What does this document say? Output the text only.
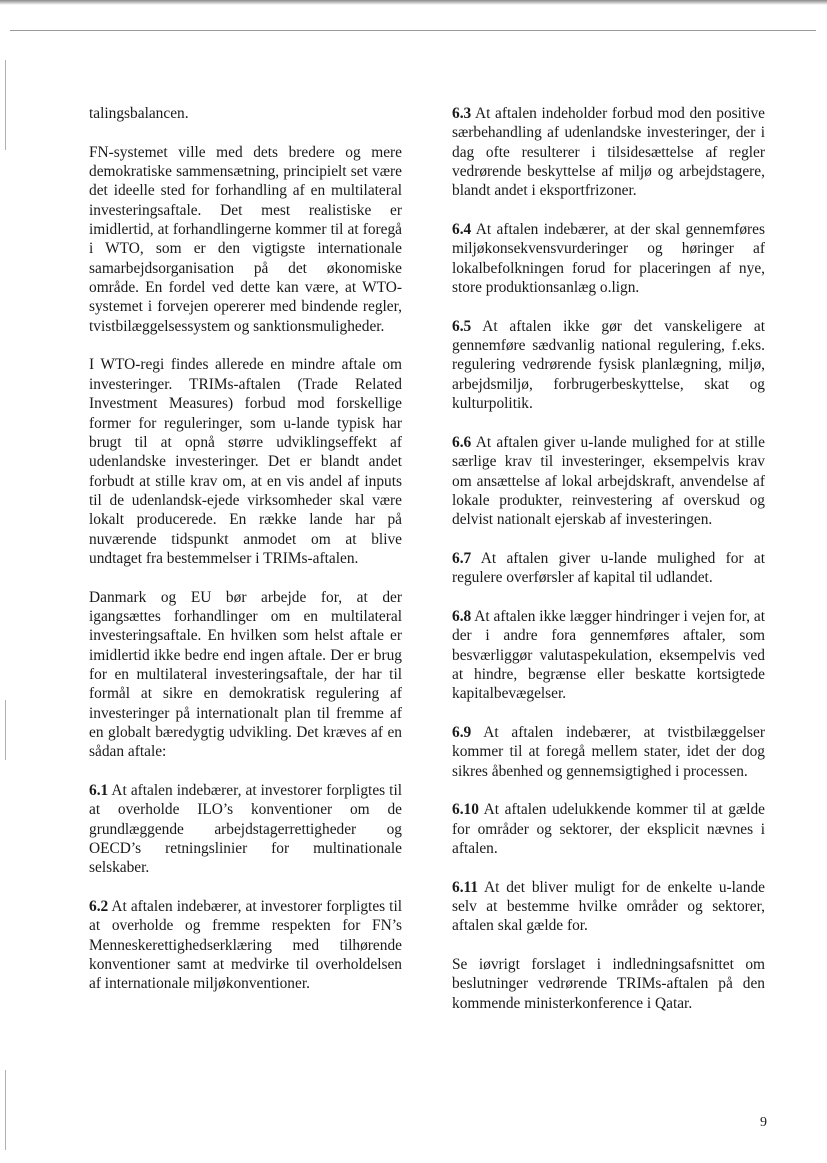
talingsbalancen.

FN-systemet ville med dets bredere og mere demokratiske sammensætning, principielt set være det ideelle sted for forhandling af en multilateral investeringsaftale. Det mest realistiske er imidlertid, at forhandlingerne kommer til at foregå i WTO, som er den vigtigste internationale samarbejdsorganisation på det økonomiske område. En fordel ved dette kan være, at WTO-systemet i forvejen opererer med bindende regler, tvistbilæggelsessystem og sanktionsmuligheder.

I WTO-regi findes allerede en mindre aftale om investeringer. TRIMs-aftalen (Trade Related Investment Measures) forbud mod forskellige former for reguleringer, som u-lande typisk har brugt til at opnå større udviklingseffekt af udenlandske investeringer. Det er blandt andet forbudt at stille krav om, at en vis andel af inputs til de udenlandsk-ejede virksomheder skal være lokalt producerede. En række lande har på nuværende tidspunkt anmodet om at blive undtaget fra bestemmelser i TRIMs-aftalen.

Danmark og EU bør arbejde for, at der igangsættes forhandlinger om en multilateral investeringsaftale. En hvilken som helst aftale er imidlertid ikke bedre end ingen aftale. Der er brug for en multilateral investeringsaftale, der har til formål at sikre en demokratisk regulering af investeringer på internationalt plan til fremme af en globalt bæredygtig udvikling. Det kræves af en sådan aftale:

6.1 At aftalen indebærer, at investorer forpligtes til at overholde ILO’s konventioner om de grundlæggende arbejdstagerrettigheder og OECD’s retningslinier for multinationale selskaber.

6.2 At aftalen indebærer, at investorer forpligtes til at overholde og fremme respekten for FN’s Menneskerettighedserklæring med tilhørende konventioner samt at medvirke til overholdelsen af internationale miljøkonventioner.

6.3 At aftalen indeholder forbud mod den positive særbehandling af udenlandske investeringer, der i dag ofte resulterer i tilsidesættelse af regler vedrørende beskyttelse af miljø og arbejdstagere, blandt andet i eksportfrizoner.

6.4 At aftalen indebærer, at der skal gennemføres miljøkonsekvensvurderinger og høringer af lokalbefolkningen forud for placeringen af nye, store produktionsanlæg o.lign.

6.5 At aftalen ikke gør det vanskeligere at gennemføre sædvanlig national regulering, f.eks. regulering vedrørende fysisk planlægning, miljø, arbejdsmiljø, forbrugerbeskyttelse, skat og kulturpolitik.

6.6 At aftalen giver u-lande mulighed for at stille særlige krav til investeringer, eksempelvis krav om ansættelse af lokal arbejdskraft, anvendelse af lokale produkter, reinvestering af overskud og delvist nationalt ejerskab af investeringen.

6.7 At aftalen giver u-lande mulighed for at regulere overførsler af kapital til udlandet.

6.8 At aftalen ikke lægger hindringer i vejen for, at der i andre fora gennemføres aftaler, som besværliggør valutaspekulation, eksempelvis ved at hindre, begrænse eller beskatte kortsigtede kapitalbevægelser.

6.9 At aftalen indebærer, at tvistbilæggelser kommer til at foregå mellem stater, idet der dog sikres åbenhed og gennemsigtighed i processen.

6.10 At aftalen udelukkende kommer til at gælde for områder og sektorer, der eksplicit nævnes i aftalen.

6.11 At det bliver muligt for de enkelte u-lande selv at bestemme hvilke områder og sektorer, aftalen skal gælde for.

Se iøvrigt forslaget i indledningsafsnittet om beslutninger vedrørende TRIMs-aftalen på den kommende ministerkonference i Qatar.

9
